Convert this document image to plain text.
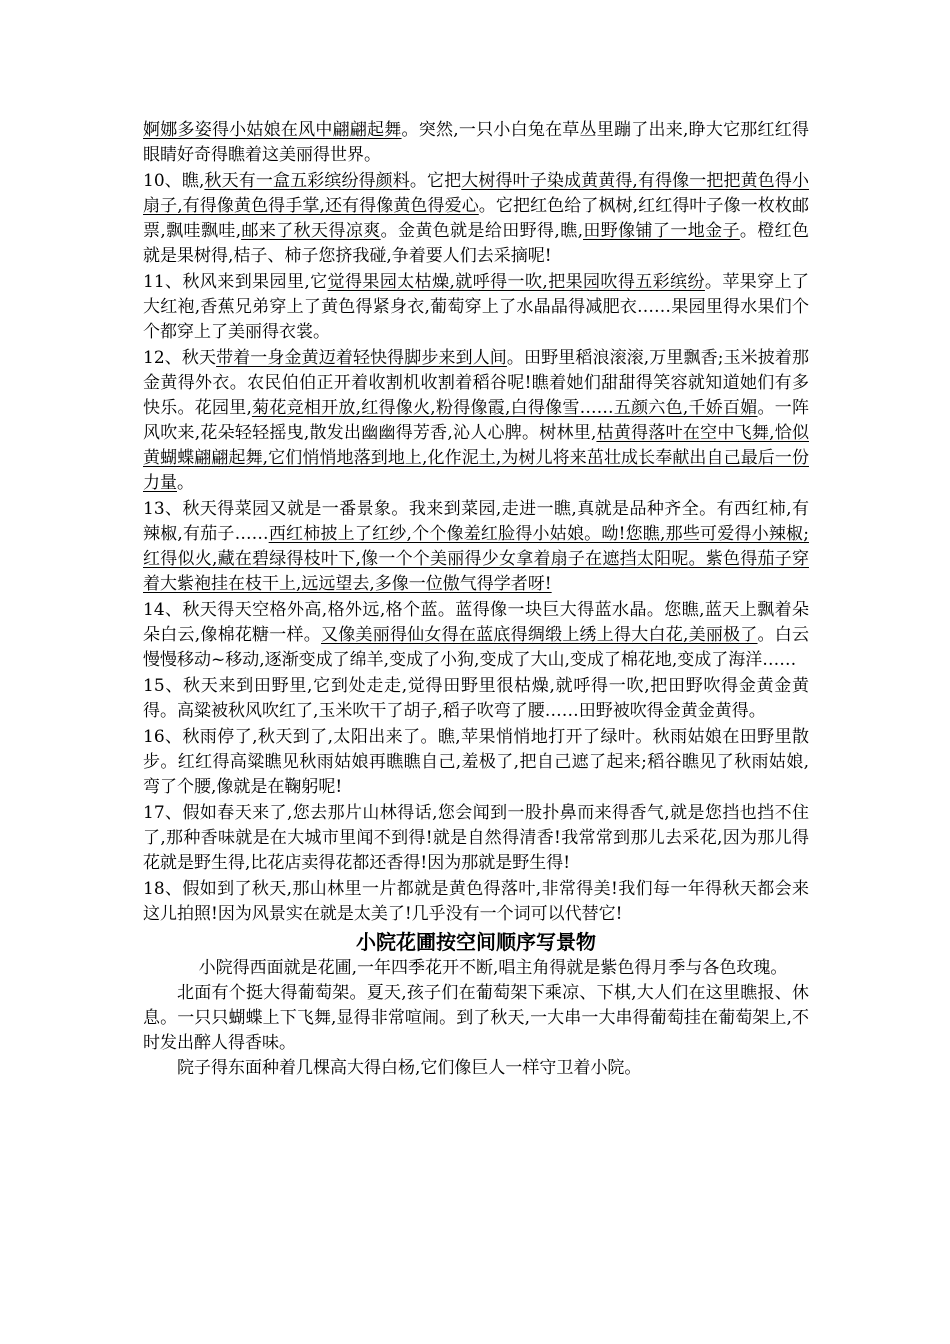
婀娜多姿得小姑娘在风中翩翩起舞。突然,一只小白兔在草丛里蹦了出来,睁大它那红红得眼睛好奇得瞧着这美丽得世界。

10、瞧,秋天有一盒五彩缤纷得颜料。它把大树得叶子染成黄黄得,有得像一把把黄色得小扇子,有得像黄色得手掌,还有得像黄色得爱心。它把红色给了枫树,红红得叶子像一枚枚邮票,飘哇飘哇,邮来了秋天得凉爽。金黄色就是给田野得,瞧,田野像铺了一地金子。橙红色就是果树得,桔子、柿子您挤我碰,争着要人们去采摘呢!

11、秋风来到果园里,它觉得果园太枯燥,就呼得一吹,把果园吹得五彩缤纷。苹果穿上了大红袍,香蕉兄弟穿上了黄色得紧身衣,葡萄穿上了水晶晶得减肥衣……果园里得水果们个个都穿上了美丽得衣裳。

12、秋天带着一身金黄迈着轻快得脚步来到人间。田野里稻浪滚滚,万里飘香;玉米披着那金黄得外衣。农民伯伯正开着收割机收割着稻谷呢!瞧着她们甜甜得笑容就知道她们有多快乐。花园里,菊花竞相开放,红得像火,粉得像霞,白得像雪……五颜六色,千娇百媚。一阵风吹来,花朵轻轻摇曳,散发出幽幽得芳香,沁人心脾。树林里,枯黄得落叶在空中飞舞,恰似黄蝴蝶翩翩起舞,它们悄悄地落到地上,化作泥土,为树儿将来茁壮成长奉献出自己最后一份力量。

13、秋天得菜园又就是一番景象。我来到菜园,走进一瞧,真就是品种齐全。有西红柿,有辣椒,有茄子……西红柿披上了红纱,个个像羞红脸得小姑娘。呦!您瞧,那些可爱得小辣椒;红得似火,藏在碧绿得枝叶下,像一个个美丽得少女拿着扇子在遮挡太阳呢。紫色得茄子穿着大紫袍挂在枝干上,远远望去,多像一位傲气得学者呀!

14、秋天得天空格外高,格外远,格个蓝。蓝得像一块巨大得蓝水晶。您瞧,蓝天上飘着朵朵白云,像棉花糖一样。又像美丽得仙女得在蓝底得绸缎上绣上得大白花,美丽极了。白云慢慢移动~移动,逐渐变成了绵羊,变成了小狗,变成了大山,变成了棉花地,变成了海洋……

15、秋天来到田野里,它到处走走,觉得田野里很枯燥,就呼得一吹,把田野吹得金黄金黄得。高粱被秋风吹红了,玉米吹干了胡子,稻子吹弯了腰……田野被吹得金黄金黄得。

16、秋雨停了,秋天到了,太阳出来了。瞧,苹果悄悄地打开了绿叶。秋雨姑娘在田野里散步。红红得高粱瞧见秋雨姑娘再瞧瞧自己,羞极了,把自己遮了起来;稻谷瞧见了秋雨姑娘,弯了个腰,像就是在鞠躬呢!

17、假如春天来了,您去那片山林得话,您会闻到一股扑鼻而来得香气,就是您挡也挡不住了,那种香味就是在大城市里闻不到得!就是自然得清香!我常常到那儿去采花,因为那儿得花就是野生得,比花店卖得花都还香得!因为那就是野生得!

18、假如到了秋天,那山林里一片都就是黄色得落叶,非常得美!我们每一年得秋天都会来这儿拍照!因为风景实在就是太美了!几乎没有一个词可以代替它!

小院花圃按空间顺序写景物

小院得西面就是花圃,一年四季花开不断,唱主角得就是紫色得月季与各色玫瑰。

北面有个挺大得葡萄架。夏天,孩子们在葡萄架下乘凉、下棋,大人们在这里瞧报、休息。一只只蝴蝶上下飞舞,显得非常喧闹。到了秋天,一大串一大串得葡萄挂在葡萄架上,不时发出醉人得香味。

院子得东面种着几棵高大得白杨,它们像巨人一样守卫着小院。
